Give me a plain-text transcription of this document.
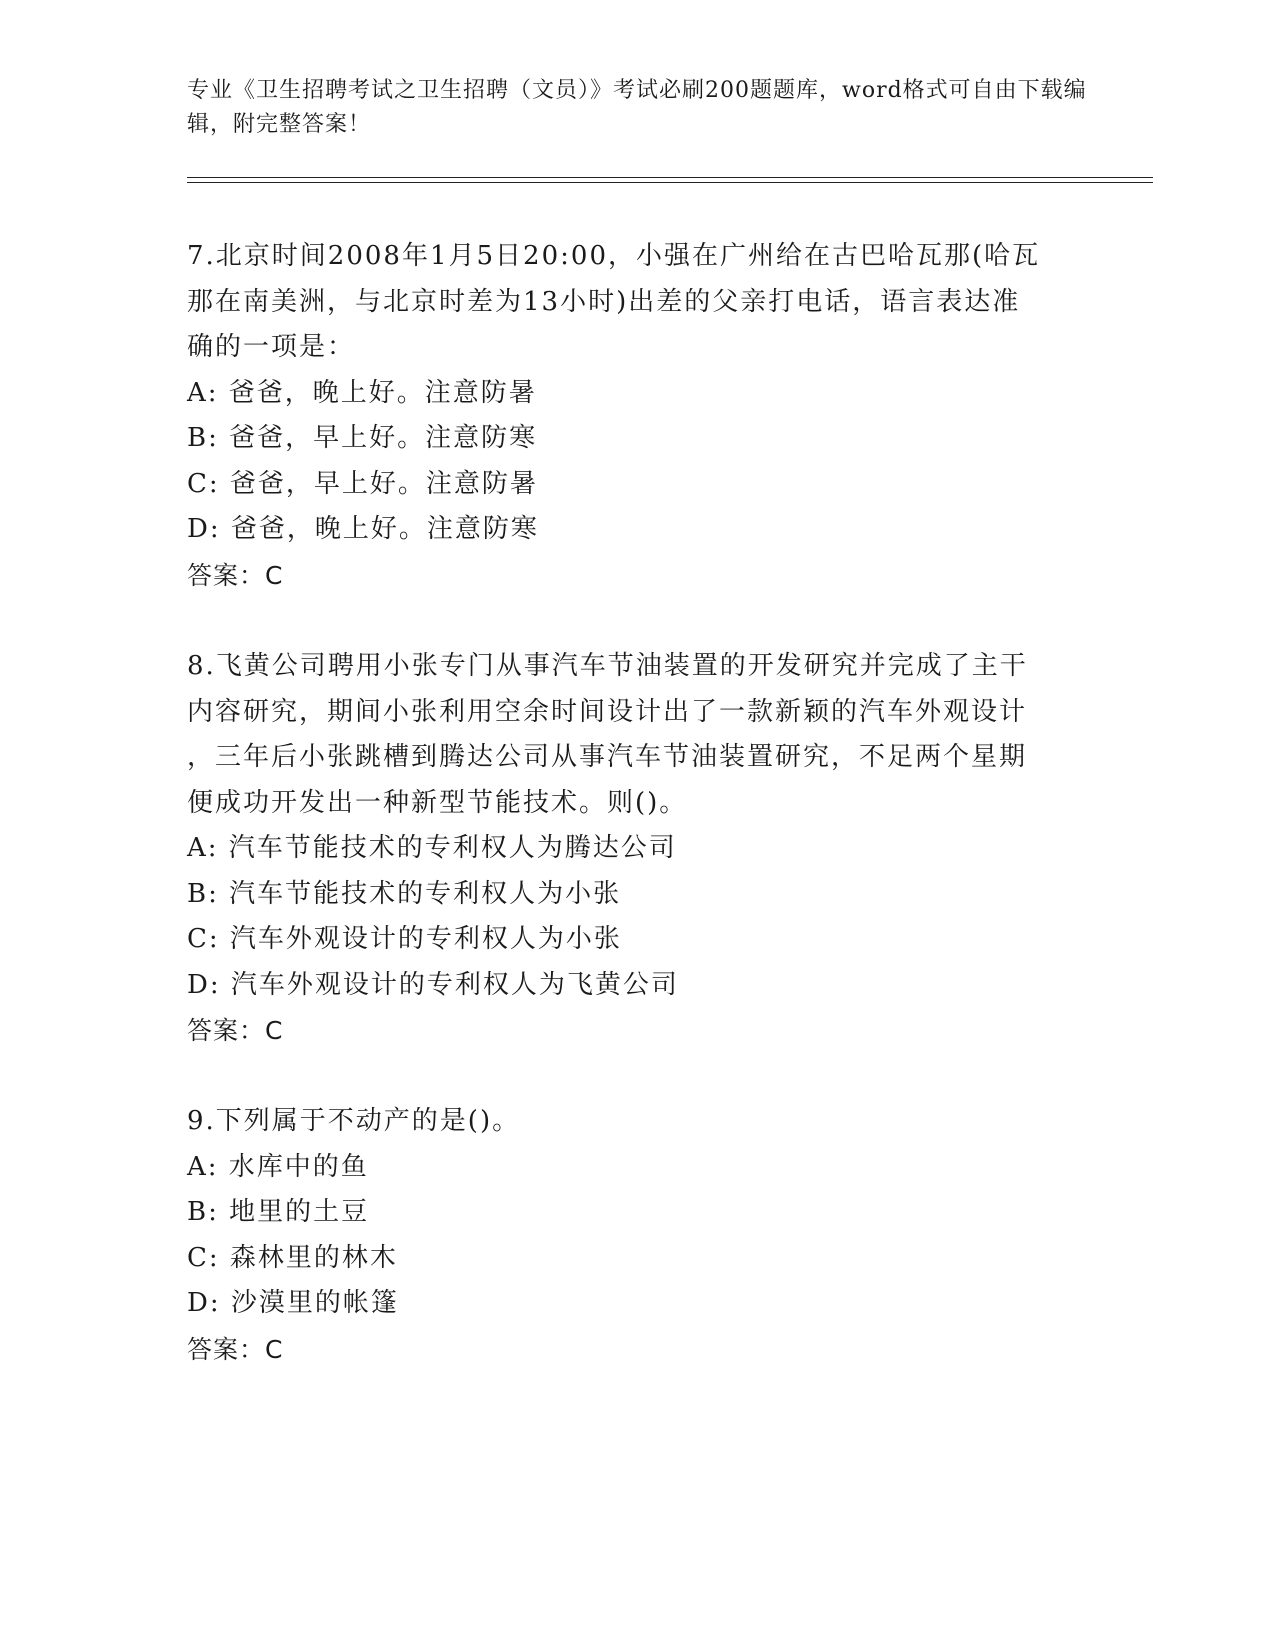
专业《卫生招聘考试之卫生招聘（文员）》考试必刷200题题库，word格式可自由下载编辑，附完整答案！

7.北京时间2008年1月5日20:00，小强在广州给在古巴哈瓦那(哈瓦

那在南美洲，与北京时差为13小时)出差的父亲打电话，语言表达准

确的一项是：

A: 爸爸，晚上好。注意防暑

B: 爸爸，早上好。注意防寒

C: 爸爸，早上好。注意防暑

D: 爸爸，晚上好。注意防寒

答案：C

8.飞黄公司聘用小张专门从事汽车节油装置的开发研究并完成了主干

内容研究，期间小张利用空余时间设计出了一款新颖的汽车外观设计

，三年后小张跳槽到腾达公司从事汽车节油装置研究，不足两个星期

便成功开发出一种新型节能技术。则()。

A: 汽车节能技术的专利权人为腾达公司

B: 汽车节能技术的专利权人为小张

C: 汽车外观设计的专利权人为小张

D: 汽车外观设计的专利权人为飞黄公司

答案：C

9.下列属于不动产的是()。

A: 水库中的鱼

B: 地里的土豆

C: 森林里的林木

D: 沙漠里的帐篷

答案：C
